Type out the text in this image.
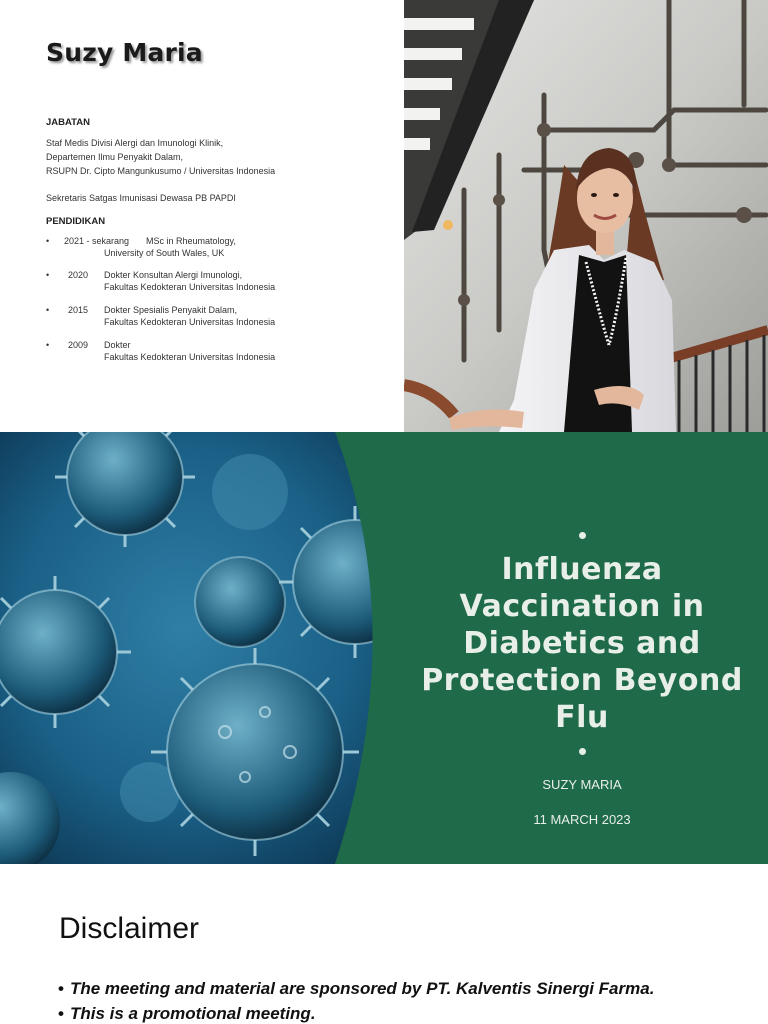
Suzy Maria
JABATAN
Staf Medis Divisi Alergi dan Imunologi Klinik,
Departemen Ilmu Penyakit Dalam,
RSUPN Dr. Cipto Mangunkusumo / Universitas Indonesia
Sekretaris Satgas Imunisasi Dewasa PB PAPDI
PENDIDIKAN
• 2021 - sekarang MSc in Rheumatology,
University of South Wales, UK
• 2020 Dokter Konsultan Alergi Imunologi,
Fakultas Kedokteran Universitas Indonesia
• 2015 Dokter Spesialis Penyakit Dalam,
Fakultas Kedokteran Universitas Indonesia
• 2009 Dokter
Fakultas Kedokteran Universitas Indonesia
Influenza
Vaccination in
Diabetics and
Protection Beyond
Flu
SUZY MARIA
11 MARCH 2023
Disclaimer
• The meeting and material are sponsored by PT. Kalventis Sinergi Farma.
• This is a promotional meeting.
